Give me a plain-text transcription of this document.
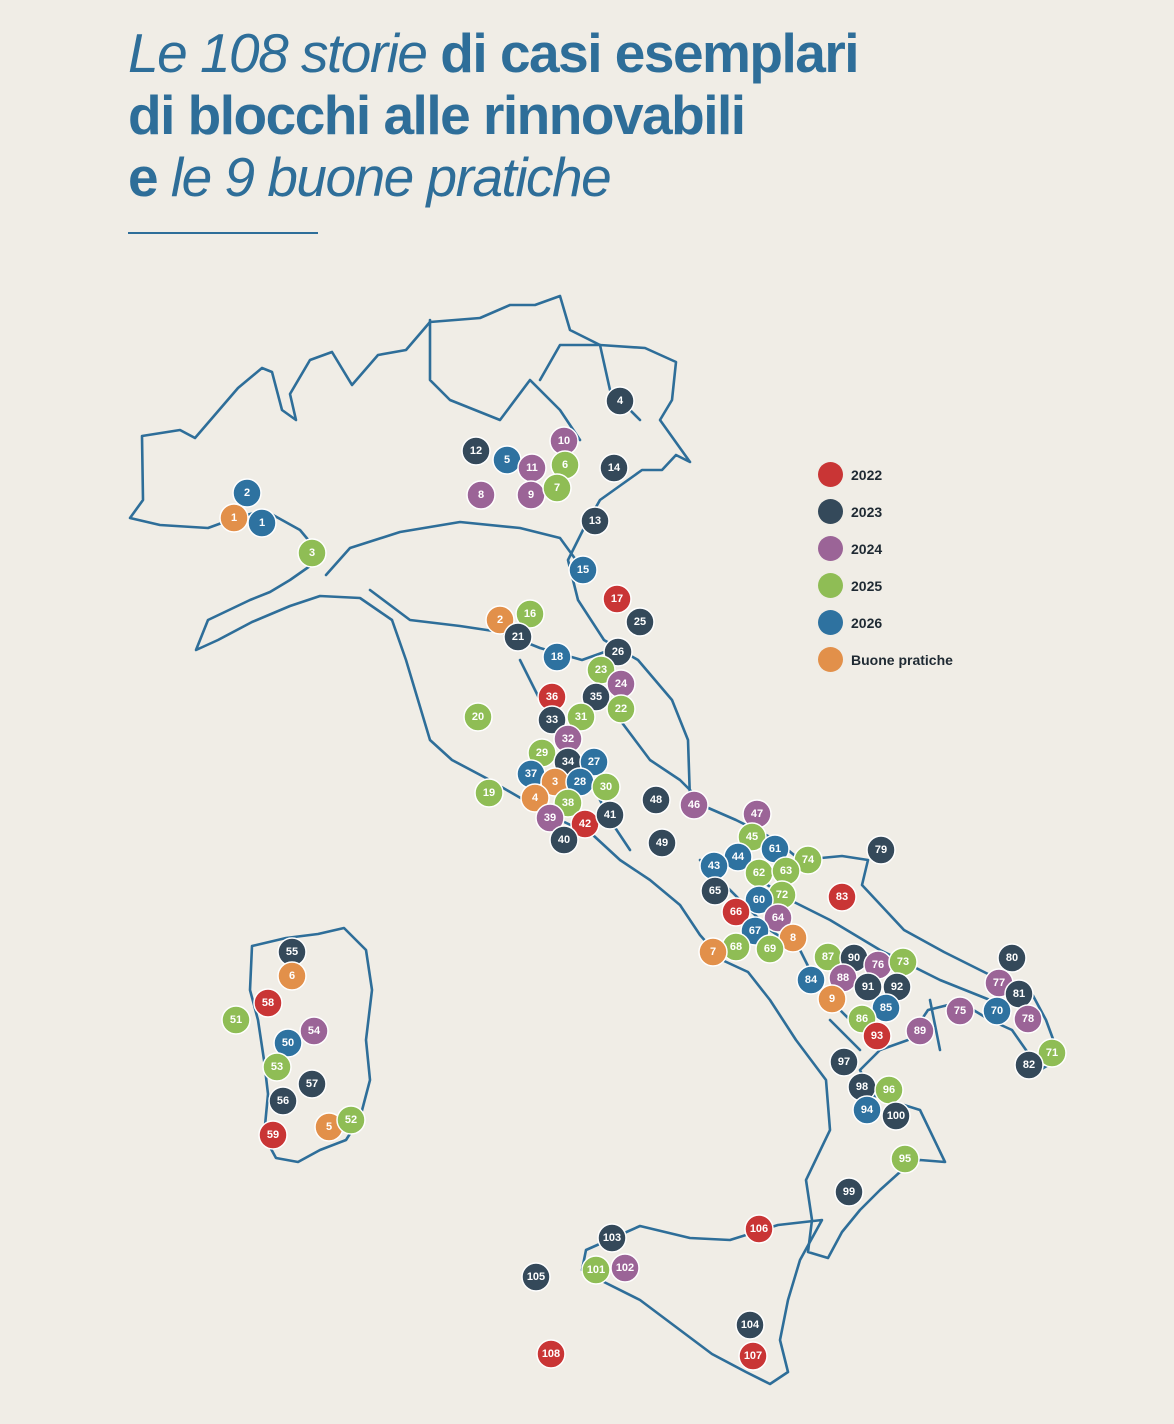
Le 108 storie di casi esemplari
di blocchi alle rinnovabili
e le 9 buone pratiche
2
1 1
3
4
10
12
5
11 6	14
8	9
7
13
15
17
25
2 16
21
18	26
23
24
36	35
22
20	33 31
32
29
34 27
37
3 28 30
19	4 38
39 42
41
40
48 46
49
47
45
61
44
43	74
79
62 63
65	72
60	83
66	64
67
8
68
7	69
87 90
76 73
88
84
91 92
9
85
86
93	89
80
77
81
75 70
78
71
82
97
98 96
94 100
95
99
106
103
101 102
105
104
107
108
55
6
58
51
54
50
53
57
56
5
52
59
2022
2023
2024
2025
2026
Buone pratiche
